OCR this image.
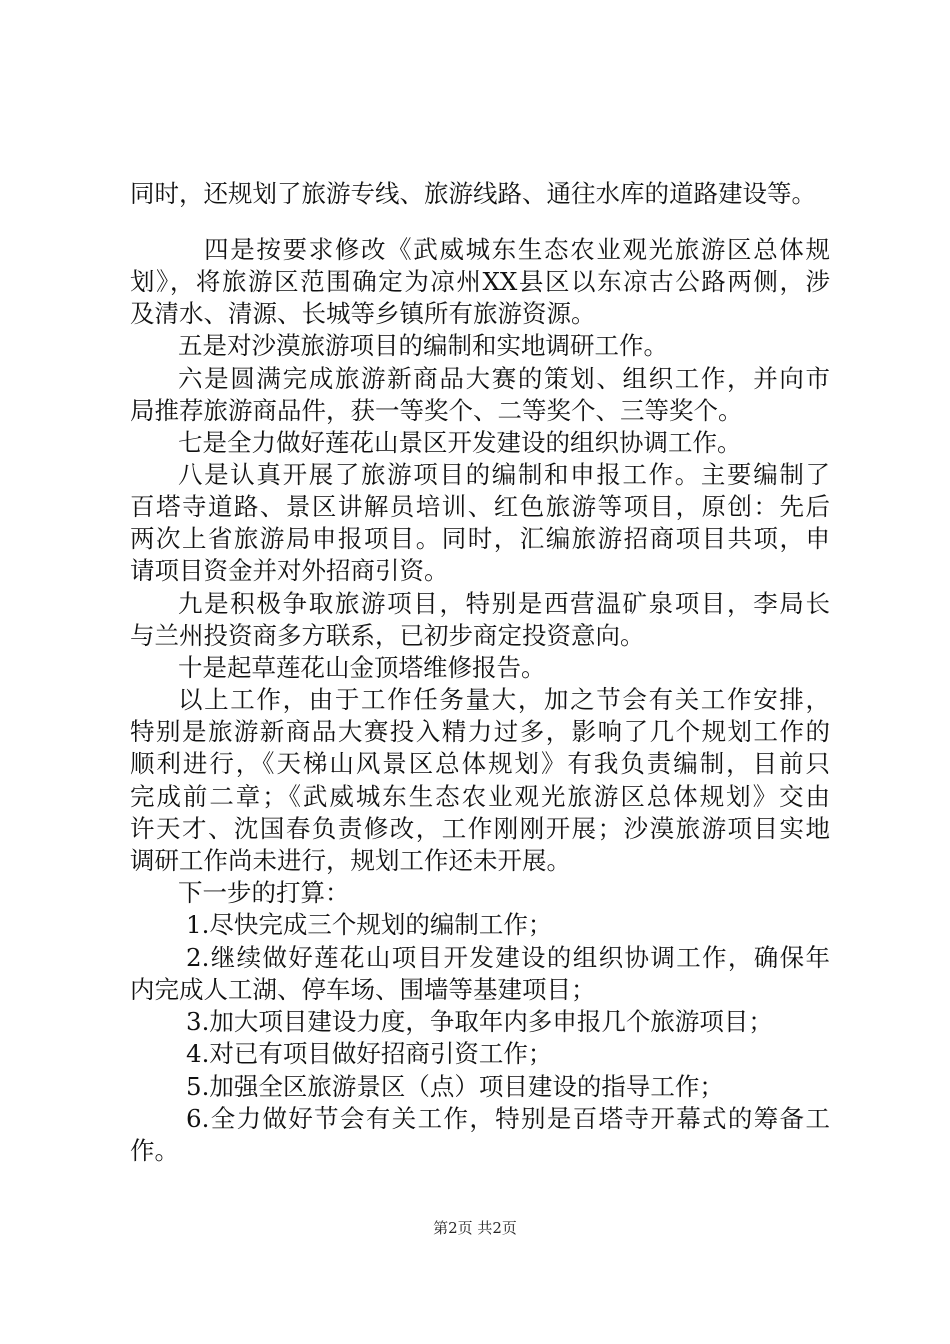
同时，还规划了旅游专线、旅游线路、通往水库的道路建设等。
　四是按要求修改《武威城东生态农业观光旅游区总体规
划》，将旅游区范围确定为凉州XX县区以东凉古公路两侧，涉
及清水、清源、长城等乡镇所有旅游资源。
五是对沙漠旅游项目的编制和实地调研工作。
六是圆满完成旅游新商品大赛的策划、组织工作，并向市
局推荐旅游商品件，获一等奖个、二等奖个、三等奖个。
七是全力做好莲花山景区开发建设的组织协调工作。
八是认真开展了旅游项目的编制和申报工作。主要编制了
百塔寺道路、景区讲解员培训、红色旅游等项目，原创：先后
两次上省旅游局申报项目。同时，汇编旅游招商项目共项，申
请项目资金并对外招商引资。
九是积极争取旅游项目，特别是西营温矿泉项目，李局长
与兰州投资商多方联系，已初步商定投资意向。
十是起草莲花山金顶塔维修报告。
以上工作，由于工作任务量大，加之节会有关工作安排，
特别是旅游新商品大赛投入精力过多，影响了几个规划工作的
顺利进行，《天梯山风景区总体规划》有我负责编制，目前只
完成前二章；《武威城东生态农业观光旅游区总体规划》交由
许天才、沈国春负责修改，工作刚刚开展；沙漠旅游项目实地
调研工作尚未进行，规划工作还未开展。
下一步的打算：
1.尽快完成三个规划的编制工作；
2.继续做好莲花山项目开发建设的组织协调工作，确保年
内完成人工湖、停车场、围墙等基建项目；
3.加大项目建设力度，争取年内多申报几个旅游项目；
4.对已有项目做好招商引资工作；
5.加强全区旅游景区（点）项目建设的指导工作；
6.全力做好节会有关工作，特别是百塔寺开幕式的筹备工
作。
第2页 共2页
